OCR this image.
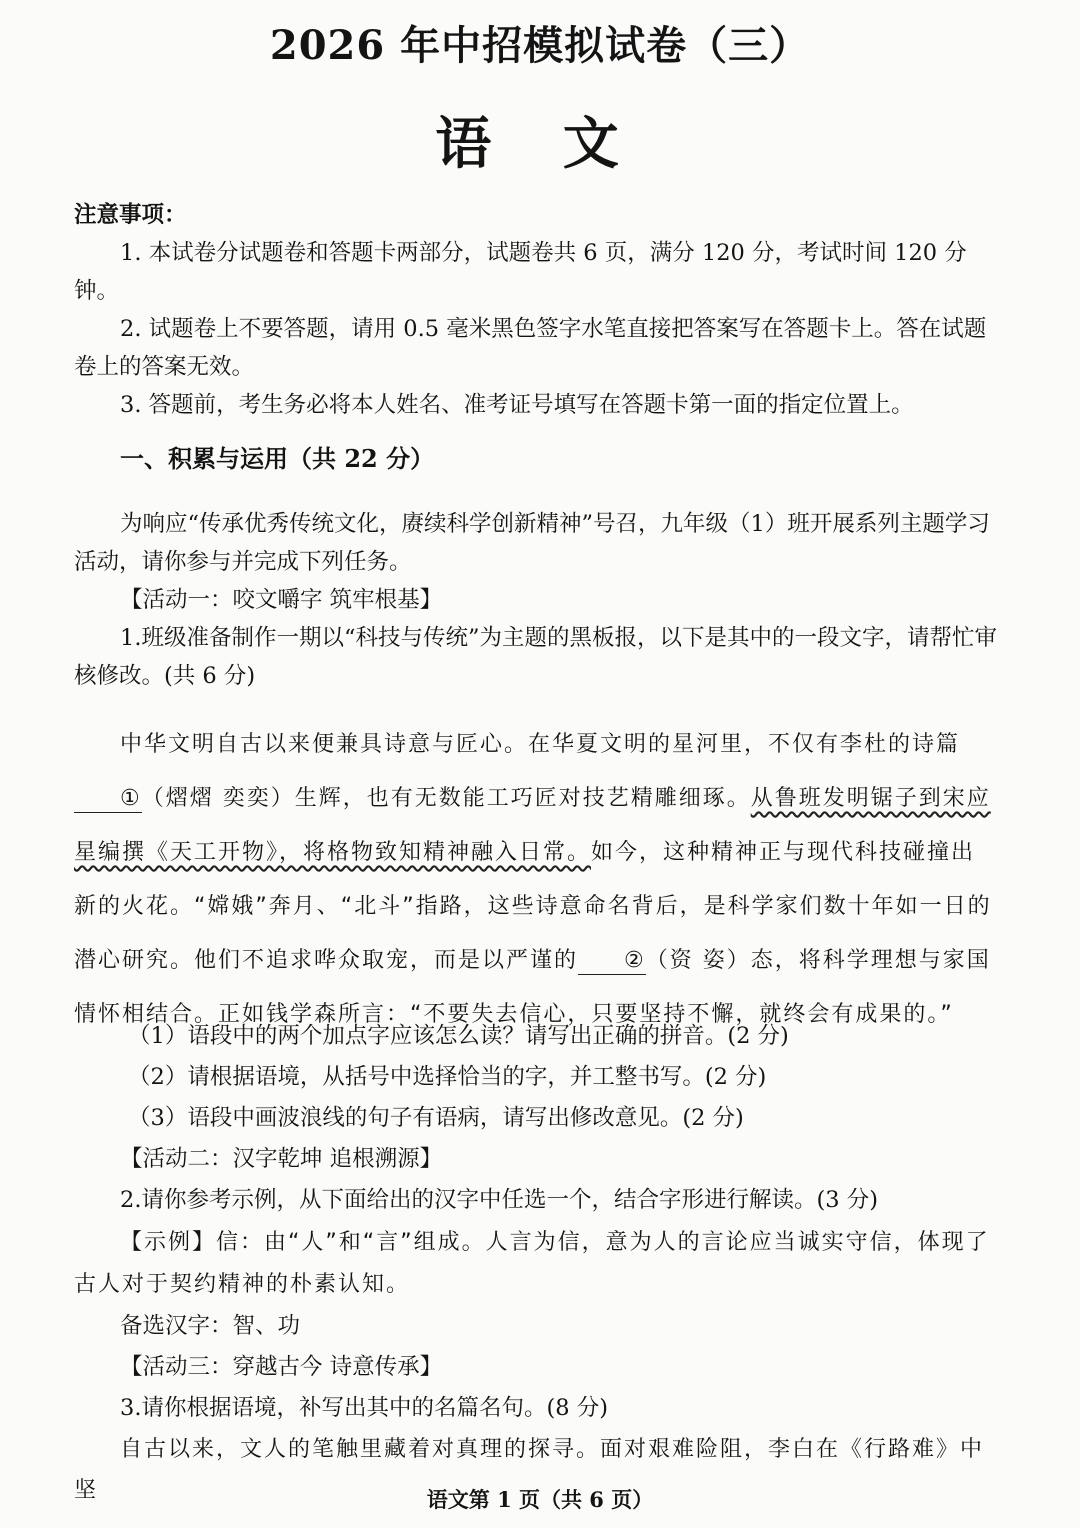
2026 年中招模拟试卷（三）
语 文
注意事项：
1. 本试卷分试题卷和答题卡两部分，试题卷共 6 页，满分 120 分，考试时间 120 分钟。
2. 试题卷上不要答题，请用 0.5 毫米黑色签字水笔直接把答案写在答题卡上。答在试题卷上的答案无效。
3. 答题前，考生务必将本人姓名、准考证号填写在答题卡第一面的指定位置上。
一、积累与运用（共 22 分）
为响应“传承优秀传统文化，赓续科学创新精神”号召，九年级（1）班开展系列主题学习活动，请你参与并完成下列任务。
【活动一：咬文嚼字 筑牢根基】
1.班级准备制作一期以“科技与传统”为主题的黑板报，以下是其中的一段文字，请帮忙审核修改。(共 6 分)
中华文明自古以来便兼具诗意与匠心。在华夏文明的星河里，不仅有李杜的诗篇①（熠熠 奕奕）生辉，也有无数能工巧匠对技艺精雕细琢。从鲁班发明锯子到宋应星编撰《天工开物》，将格物致知精神融入日常。如今，这种精神正与现代科技碰撞出新的火花。“嫦娥”奔月、“北斗”指路，这些诗意命名背后，是科学家们数十年如一日的潜心研究。他们不追求哗众取宠，而是以严谨的 ②（资 姿）态，将科学理想与家国情怀相结合。正如钱学森所言：“不要失去信心，只要坚持不懈，就终会有成果的。”
（1）语段中的两个加点字应该怎么读？请写出正确的拼音。(2 分)
（2）请根据语境，从括号中选择恰当的字，并工整书写。(2 分)
（3）语段中画波浪线的句子有语病，请写出修改意见。(2 分)
【活动二：汉字乾坤 追根溯源】
2.请你参考示例，从下面给出的汉字中任选一个，结合字形进行解读。(3 分)
【示例】信：由“人”和“言”组成。人言为信，意为人的言论应当诚实守信，体现了古人对于契约精神的朴素认知。
备选汉字：智、功
【活动三：穿越古今 诗意传承】
3.请你根据语境，补写出其中的名篇名句。(8 分)
自古以来，文人的笔触里藏着对真理的探寻。面对艰难险阻，李白在《行路难》中坚	语文第 1 页（共 6 页）
